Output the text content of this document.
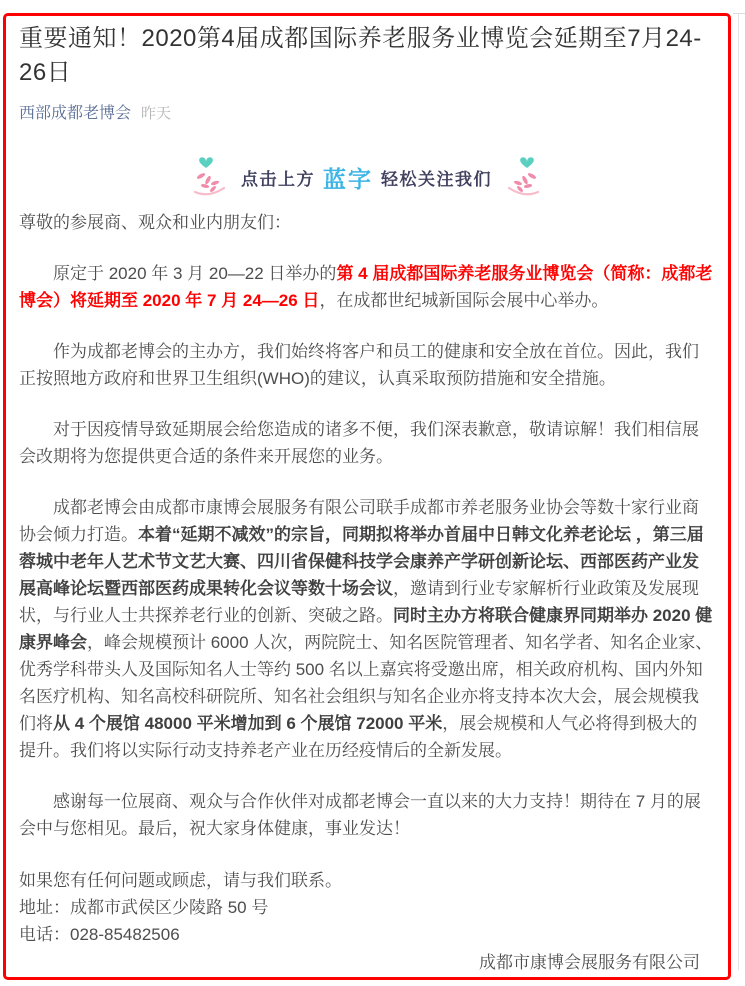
重要通知！2020第4届成都国际养老服务业博览会延期至7月24-26日
西部成都老博会 昨天
点击上方 蓝字 轻松关注我们

尊敬的参展商、观众和业内朋友们：

原定于 2020 年 3 月 20—22 日举办的第 4 届成都国际养老服务业博览会（简称：成都老博会）将延期至 2020 年 7 月 24—26 日，在成都世纪城新国际会展中心举办。

作为成都老博会的主办方，我们始终将客户和员工的健康和安全放在首位。因此，我们正按照地方政府和世界卫生组织(WHO)的建议，认真采取预防措施和安全措施。

对于因疫情导致延期展会给您造成的诸多不便，我们深表歉意，敬请谅解！我们相信展会改期将为您提供更合适的条件来开展您的业务。

成都老博会由成都市康博会展服务有限公司联手成都市养老服务业协会等数十家行业商协会倾力打造。本着“延期不减效”的宗旨，同期拟将举办首届中日韩文化养老论坛 ，第三届蓉城中老年人艺术节文艺大赛、四川省保健科技学会康养产学研创新论坛、西部医药产业发展高峰论坛暨西部医药成果转化会议等数十场会议，邀请到行业专家解析行业政策及发展现状，与行业人士共探养老行业的创新、突破之路。同时主办方将联合健康界同期举办 2020 健康界峰会，峰会规模预计 6000 人次，两院院士、知名医院管理者、知名学者、知名企业家、优秀学科带头人及国际知名人士等约 500 名以上嘉宾将受邀出席，相关政府机构、国内外知名医疗机构、知名高校科研院所、知名社会组织与知名企业亦将支持本次大会，展会规模我们将从 4 个展馆 48000 平米增加到 6 个展馆 72000 平米，展会规模和人气必将得到极大的提升。我们将以实际行动支持养老产业在历经疫情后的全新发展。

感谢每一位展商、观众与合作伙伴对成都老博会一直以来的大力支持！期待在 7 月的展会中与您相见。最后，祝大家身体健康，事业发达！

如果您有任何问题或顾虑，请与我们联系。

地址：成都市武侯区少陵路 50 号

电话：028-85482506

成都市康博会展服务有限公司
